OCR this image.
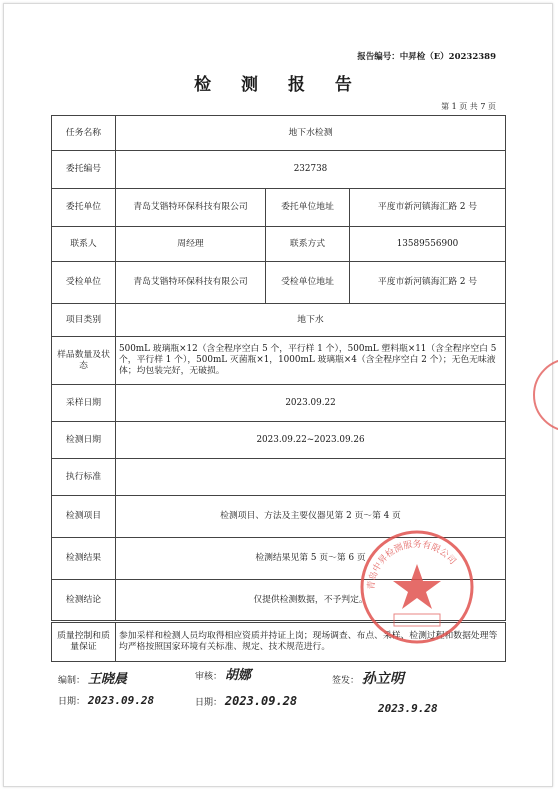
报告编号：中昇检（E）20232389
检 测 报 告
第 1 页 共 7 页
任务名称	地下水检测		
委托编号	232738		
委托单位	青岛艾锴特环保科技有限公司	委托单位地址	平度市新河镇海汇路 2 号
联系人	周经理	联系方式	13589556900
受检单位	青岛艾锴特环保科技有限公司	受检单位地址	平度市新河镇海汇路 2 号
项目类别	地下水		
样品数量及状态	500mL 玻璃瓶×12（含全程序空白 5 个，平行样 1 个），500mL 塑料瓶×11（含全程序空白 5 个，平行样 1 个），500mL 灭菌瓶×1，1000mL 玻璃瓶×4（含全程序空白 2 个）；无色无味液体；均包装完好，无破损。		
采样日期	2023.09.22		
检测日期	2023.09.22~2023.09.26		
执行标准			
检测项目	检测项目、方法及主要仪器见第 2 页～第 4 页		
检测结果	检测结果见第 5 页～第 6 页		
检测结论	仅提供检测数据，不予判定。		
质量控制和质量保证	参加采样和检测人员均取得相应资质并持证上岗；现场调查、布点、采样、检测过程和数据处理等均严格按照国家环境有关标准、规定、技术规范进行。		
编制： 王晓晨	审核： 胡娜	签发： 孙立明
日期： 2023.09.28	日期： 2023.09.28
2023.9.28
青岛中昇检测服务有限公司
